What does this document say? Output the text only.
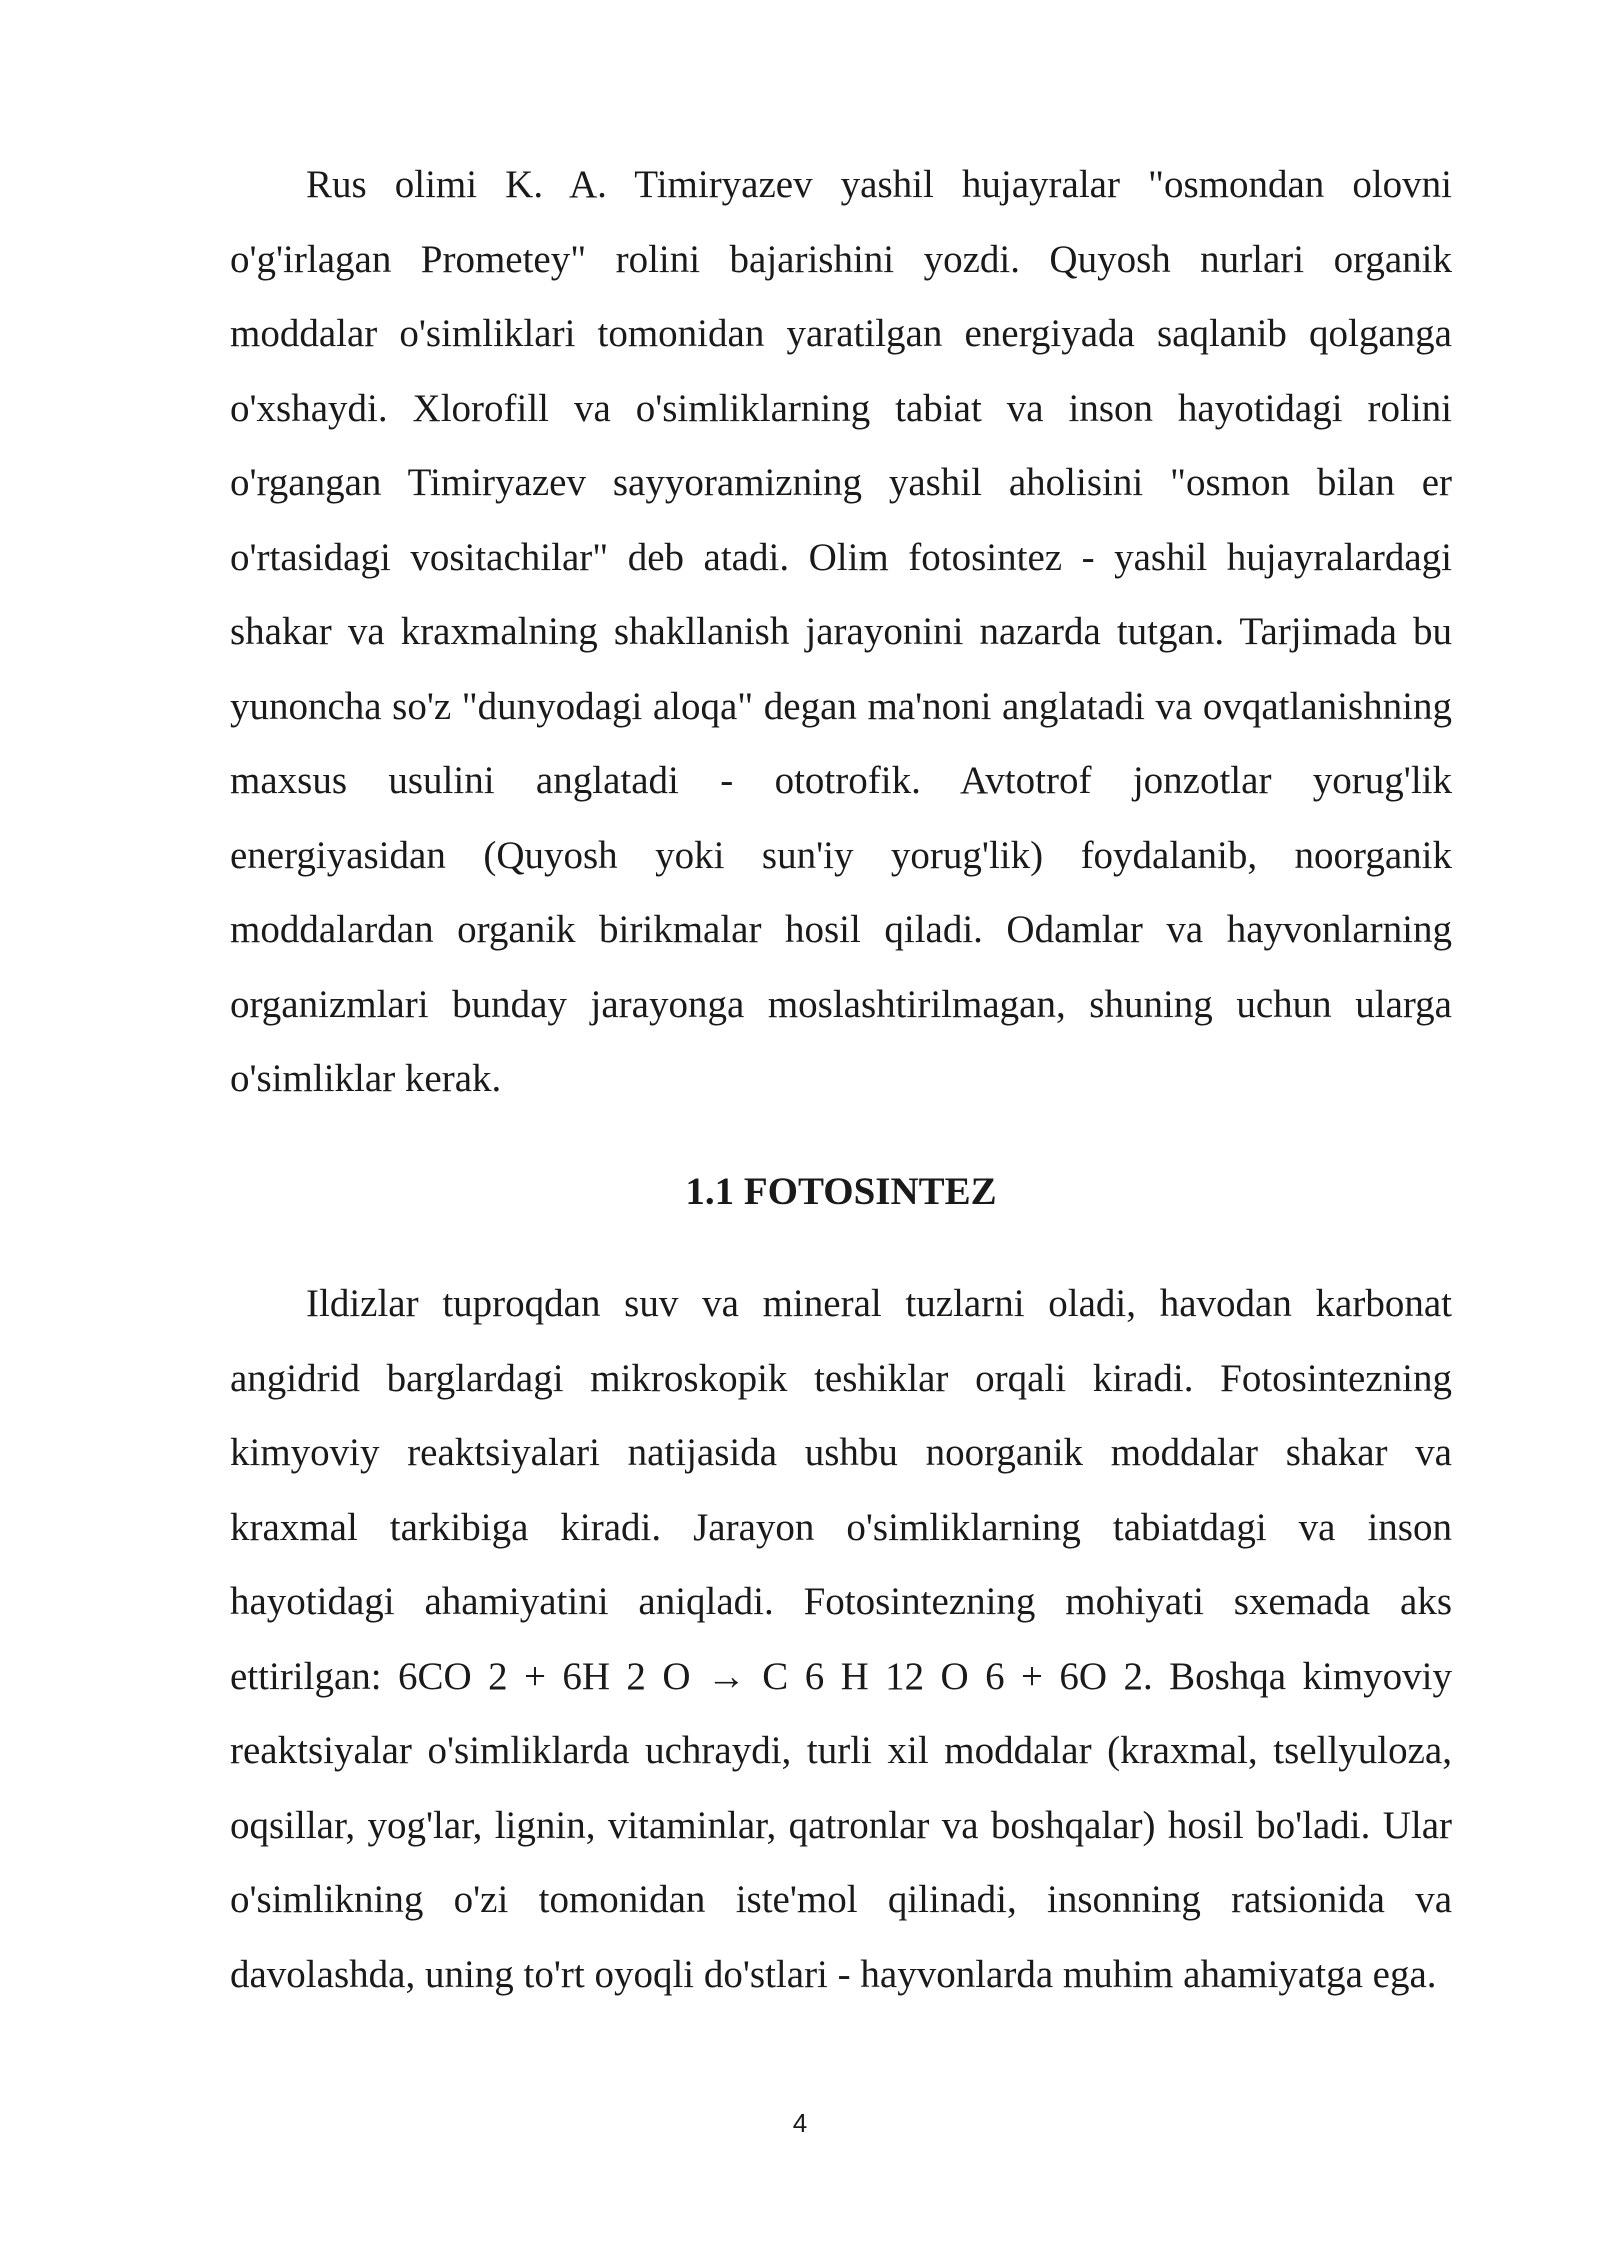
Rus olimi K. A. Timiryazev yashil hujayralar "osmondan olovni o'g'irlagan Prometey" rolini bajarishini yozdi. Quyosh nurlari organik moddalar o'simliklari tomonidan yaratilgan energiyada saqlanib qolganga o'xshaydi. Xlorofill va o'simliklarning tabiat va inson hayotidagi rolini o'rgangan Timiryazev sayyoramizning yashil aholisini "osmon bilan er o'rtasidagi vositachilar" deb atadi. Olim fotosintez - yashil hujayralardagi shakar va kraxmalning shakllanish jarayonini nazarda tutgan. Tarjimada bu yunoncha so'z "dunyodagi aloqa" degan ma'noni anglatadi va ovqatlanishning maxsus usulini anglatadi - ototrofik. Avtotrof jonzotlar yorug'lik energiyasidan (Quyosh yoki sun'iy yorug'lik) foydalanib, noorganik moddalardan organik birikmalar hosil qiladi. Odamlar va hayvonlarning organizmlari bunday jarayonga moslashtirilmagan, shuning uchun ularga o'simliklar kerak.

1.1 FOTOSINTEZ

Ildizlar tuproqdan suv va mineral tuzlarni oladi, havodan karbonat angidrid barglardagi mikroskopik teshiklar orqali kiradi. Fotosintezning kimyoviy reaktsiyalari natijasida ushbu noorganik moddalar shakar va kraxmal tarkibiga kiradi. Jarayon o'simliklarning tabiatdagi va inson hayotidagi ahamiyatini aniqladi. Fotosintezning mohiyati sxemada aks ettirilgan: 6CO 2 + 6H 2 O → C 6 H 12 O 6 + 6O 2. Boshqa kimyoviy reaktsiyalar o'simliklarda uchraydi, turli xil moddalar (kraxmal, tsellyuloza, oqsillar, yog'lar, lignin, vitaminlar, qatronlar va boshqalar) hosil bo'ladi. Ular o'simlikning o'zi tomonidan iste'mol qilinadi, insonning ratsionida va davolashda, uning to'rt oyoqli do'stlari - hayvonlarda muhim ahamiyatga ega.

4
